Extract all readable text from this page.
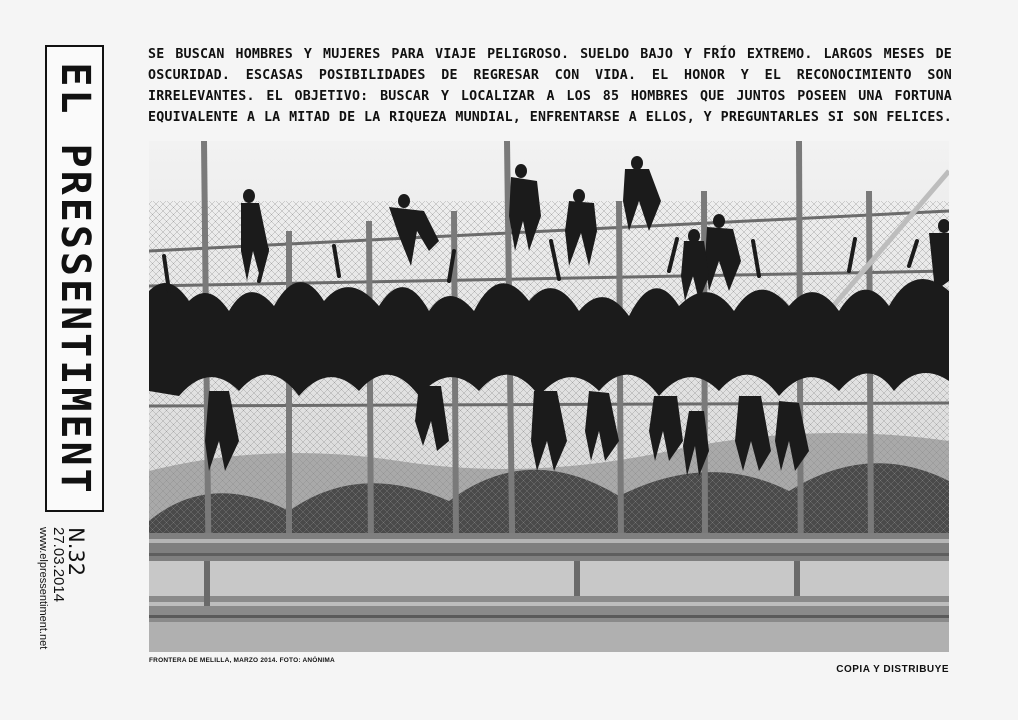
EL PRESSENTIMENT
N.32
27.03.2014
www.elpressentiment.net
SE BUSCAN HOMBRES Y MUJERES PARA VIAJE PELIGROSO. SUELDO BAJO Y FRÍO EXTREMO. LARGOS MESES DE OSCURIDAD. ESCASAS POSIBILIDADES DE REGRESAR CON VIDA. EL HONOR Y EL RECONOCIMIENTO SON IRRELEVANTES. EL OBJETIVO: BUSCAR Y LOCALIZAR A LOS 85 HOMBRES QUE JUNTOS POSEEN UNA FORTUNA EQUIVALENTE A LA MITAD DE LA RIQUEZA MUNDIAL, ENFRENTARSE A ELLOS, Y PREGUNTARLES SI SON FELICES.
FRONTERA DE MELILLA, MARZO 2014. FOTO: ANÓNIMA
COPIA Y DISTRIBUYE
